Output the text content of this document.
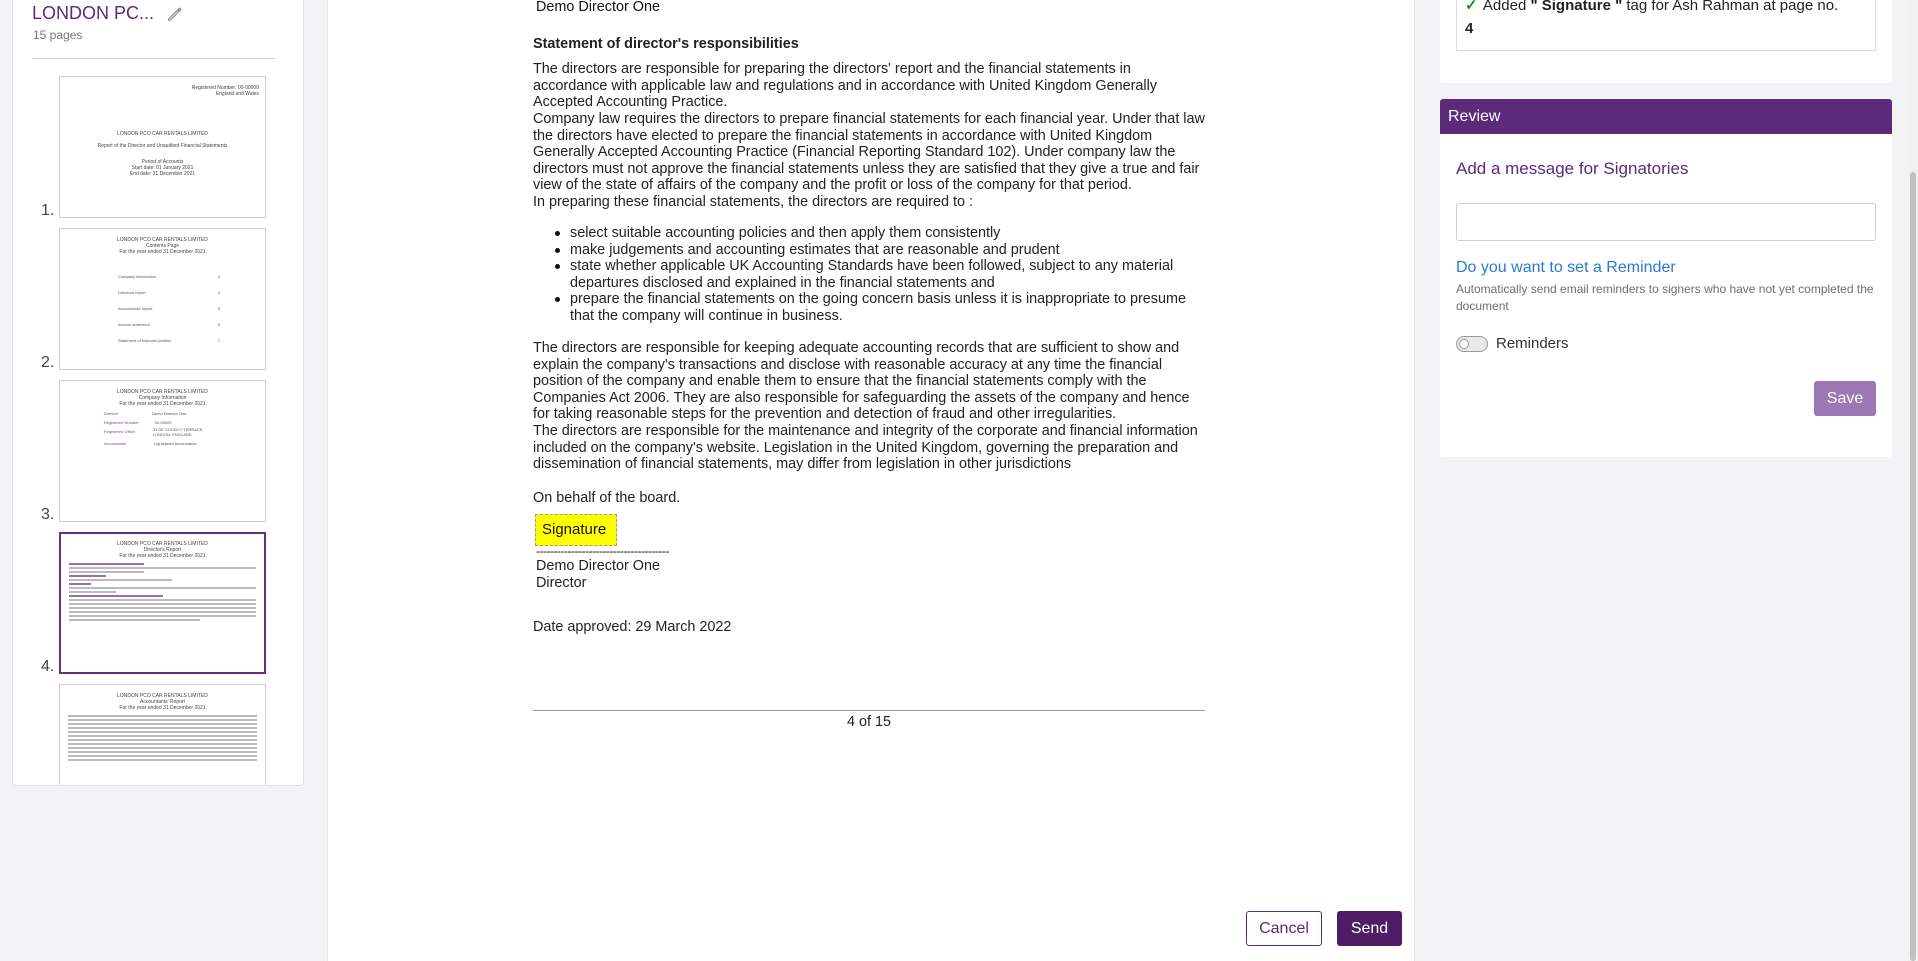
LONDON PC...
15 pages
1.
Registered Number: 00-00000
England and Wales
LONDON PCO CAR RENTALS LIMITED
Report of the Director and Unaudited Financial Statements
Period of Accounts
Start date: 01 January 2021
End date: 31 December 2021
2.
LONDON PCO CAR RENTALS LIMITED
Contents Page
For the year ended 31 December 2021
Company information	3
Directors report	4
Accountants' report	5
Income statement	6
Statement of financial position	7
3.
LONDON PCO CAR RENTALS LIMITED
Company Information
For the year ended 31 December 2021
Director	Demo Director One
Registered Number	00-00000
Registered Office	31 DE COURCY TERRACE, LONDON, ENGLAND
Accountants	Lightspeed Accountants
4.
LONDON PCO CAR RENTALS LIMITED
Director's Report
For the year ended 31 December 2021
LONDON PCO CAR RENTALS LIMITED
Accountants' Report
For the year ended 31 December 2021
Demo Director One
Statement of director's responsibilities
The directors are responsible for preparing the directors' report and the financial statements in accordance with applicable law and regulations and in accordance with United Kingdom Generally Accepted Accounting Practice.
Company law requires the directors to prepare financial statements for each financial year. Under that law the directors have elected to prepare the financial statements in accordance with United Kingdom Generally Accepted Accounting Practice (Financial Reporting Standard 102). Under company law the directors must not approve the financial statements unless they are satisfied that they give a true and fair view of the state of affairs of the company and the profit or loss of the company for that period.
In preparing these financial statements, the directors are required to :
select suitable accounting policies and then apply them consistently
make judgements and accounting estimates that are reasonable and prudent
state whether applicable UK Accounting Standards have been followed, subject to any material departures disclosed and explained in the financial statements and
prepare the financial statements on the going concern basis unless it is inappropriate to presume that the company will continue in business.
The directors are responsible for keeping adequate accounting records that are sufficient to show and explain the company's transactions and disclose with reasonable accuracy at any time the financial position of the company and enable them to ensure that the financial statements comply with the Companies Act 2006. They are also responsible for safeguarding the assets of the company and hence for taking reasonable steps for the prevention and detection of fraud and other irregularities.
The directors are responsible for the maintenance and integrity of the corporate and financial information included on the company's website. Legislation in the United Kingdom, governing the preparation and dissemination of financial statements, may differ from legislation in other jurisdictions
On behalf of the board.
Signature
--------------------------------------
Demo Director One
Director
Date approved: 29 March 2022
4 of 15
Cancel	Send
✓ Added " Signature " tag for Ash Rahman at page no.
4
Review
Add a message for Signatories
Do you want to set a Reminder
Automatically send email reminders to signers who have not yet completed the document
Reminders
Save
